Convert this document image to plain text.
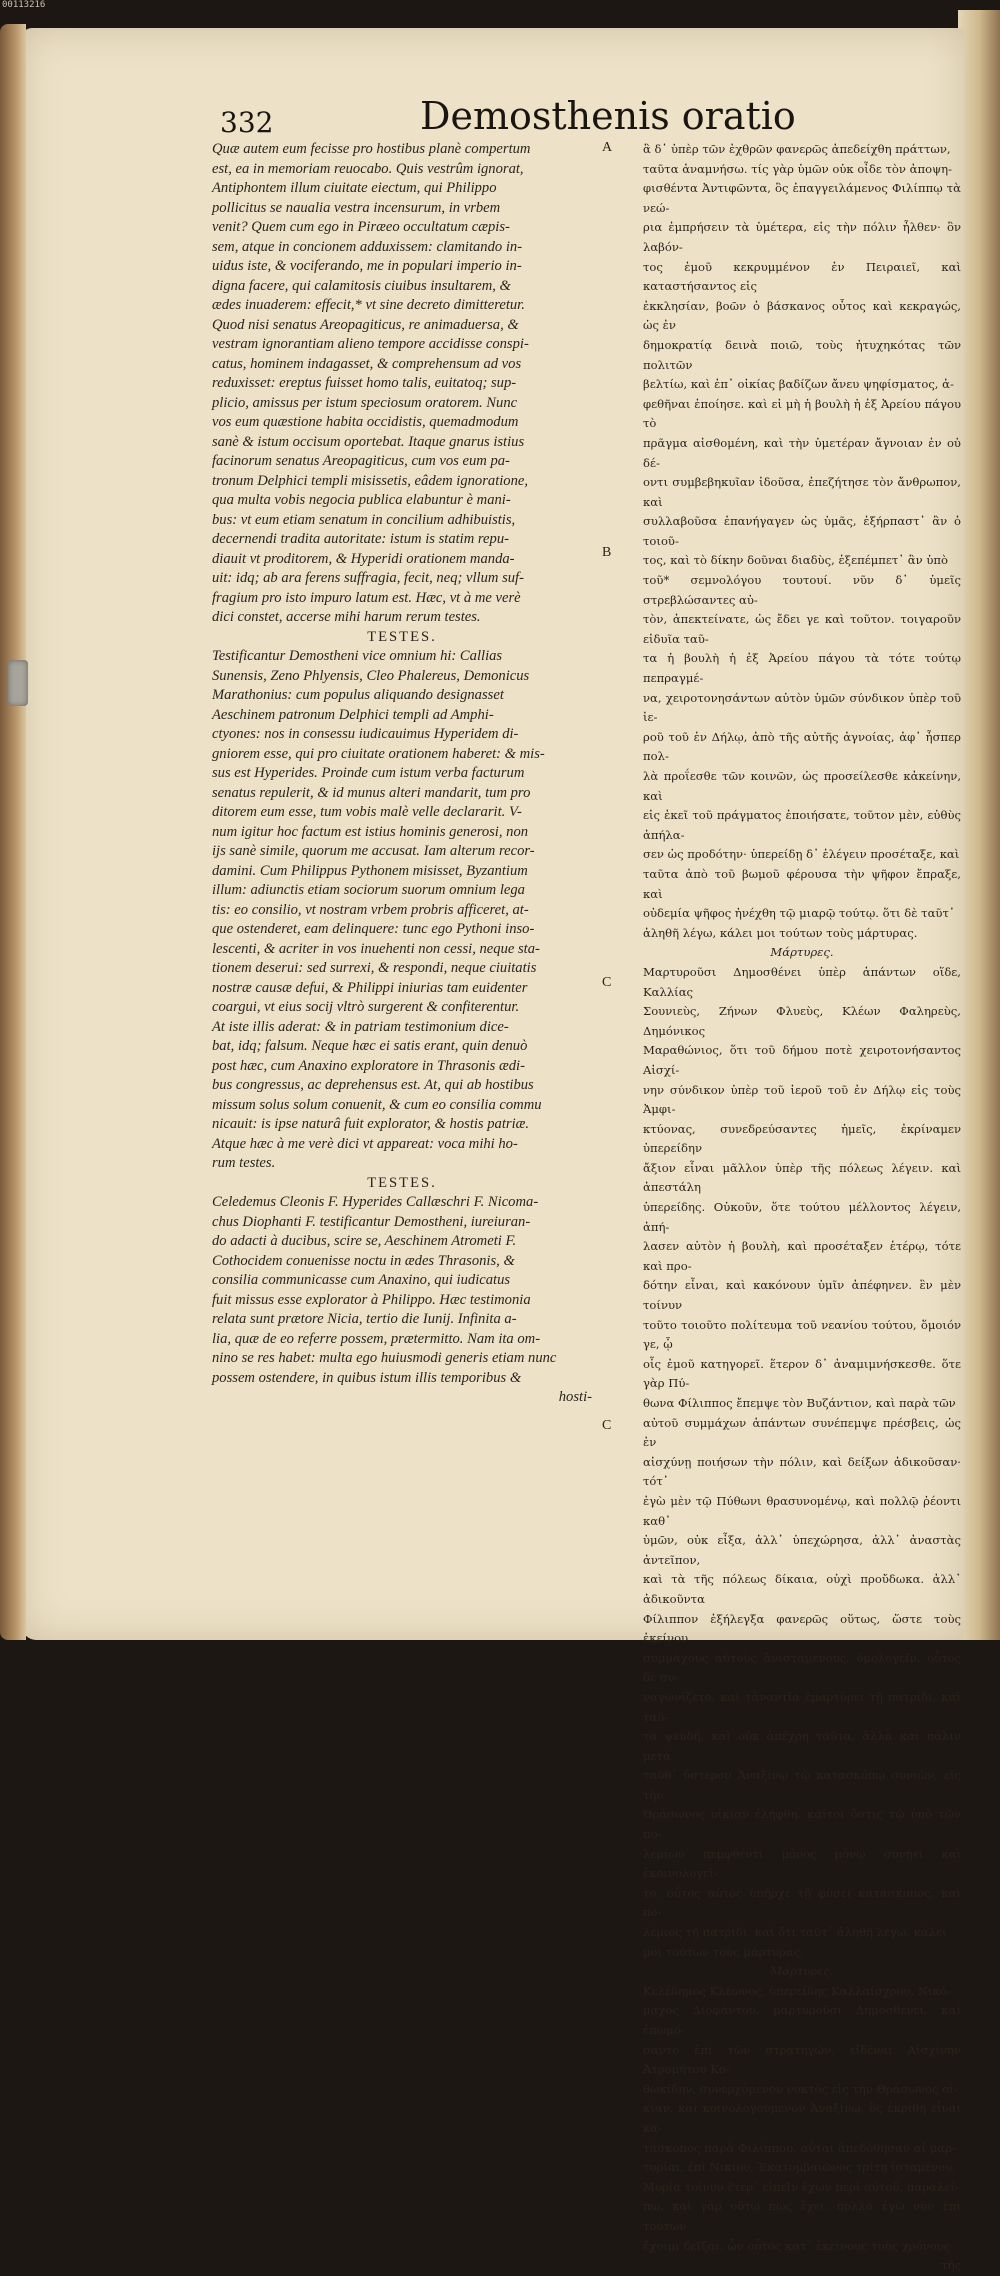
00113216
332	Demosthenis oratio
A
B
C
C

Quæ autem eum fecisse pro hostibus planè compertum

est, ea in memoriam reuocabo. Quis vestrûm ignorat,

Antiphontem illum ciuitate eiectum, qui Philippo

pollicitus se naualia vestra incensurum, in vrbem

venit? Quem cum ego in Piræeo occultatum cæpis-

sem, atque in concionem adduxissem: clamitando in-

uidus iste, & vociferando, me in populari imperio in-

digna facere, qui calamitosis ciuibus insultarem, &

ædes inuaderem: effecit,* vt sine decreto dimitteretur.

Quod nisi senatus Areopagiticus, re animaduersa, &

vestram ignorantiam alieno tempore accidisse conspi-

catus, hominem indagasset, & comprehensum ad vos

reduxisset: ereptus fuisset homo talis, euitatoq; sup-

plicio, amissus per istum speciosum oratorem. Nunc

vos eum quæstione habita occidistis, quemadmodum

sanè & istum occisum oportebat. Itaque gnarus istius

facinorum senatus Areopagiticus, cum vos eum pa-

tronum Delphici templi misissetis, eâdem ignoratione,

qua multa vobis negocia publica elabuntur è mani-

bus: vt eum etiam senatum in concilium adhibuistis,

decernendi tradita autoritate: istum is statim repu-

diauit vt proditorem, & Hyperidi orationem manda-

uit: idq; ab ara ferens suffragia, fecit, neq; vllum suf-

fragium pro isto impuro latum est. Hæc, vt à me verè

dici constet, accerse mihi harum rerum testes.

TESTES.

Testificantur Demostheni vice omnium hi: Callias

Sunensis, Zeno Phlyensis, Cleo Phalereus, Demonicus

Marathonius: cum populus aliquando designasset

Aeschinem patronum Delphici templi ad Amphi-

ctyones: nos in consessu iudicauimus Hyperidem di-

gniorem esse, qui pro ciuitate orationem haberet: & mis-

sus est Hyperides. Proinde cum istum verba facturum

senatus repulerit, & id munus alteri mandarit, tum pro

ditorem eum esse, tum vobis malè velle declararit. V-

num igitur hoc factum est istius hominis generosi, non

ijs sanè simile, quorum me accusat. Iam alterum recor-

damini. Cum Philippus Pythonem misisset, Byzantium

illum: adiunctis etiam sociorum suorum omnium lega

tis: eo consilio, vt nostram vrbem probris afficeret, at-

que ostenderet, eam delinquere: tunc ego Pythoni inso-

lescenti, & acriter in vos inuehenti non cessi, neque sta-

tionem deserui: sed surrexi, & respondi, neque ciuitatis

nostræ causæ defui, & Philippi iniurias tam euidenter

coargui, vt eius socij vltrò surgerent & confiterentur.

At iste illis aderat: & in patriam testimonium dice-

bat, idq; falsum. Neque hæc ei satis erant, quin denuò

post hæc, cum Anaxino exploratore in Thrasonis ædi-

bus congressus, ac deprehensus est. At, qui ab hostibus

missum solus solum conuenit, & cum eo consilia commu

nicauit: is ipse naturâ fuit explorator, & hostis patriæ.

Atque hæc à me verè dici vt appareat: voca mihi ho-

rum testes.

TESTES.

Celedemus Cleonis F. Hyperides Callæschri F. Nicoma-

chus Diophanti F. testificantur Demostheni, iureiuran-

do adacti à ducibus, scire se, Aeschinem Atrometi F.

Cothocidem conuenisse noctu in ædes Thrasonis, &

consilia communicasse cum Anaxino, qui iudicatus

fuit missus esse explorator à Philippo. Hæc testimonia

relata sunt prætore Nicia, tertio die Iunij. Infinita a-

lia, quæ de eo referre possem, prætermitto. Nam ita om-

nino se res habet: multa ego huiusmodi generis etiam nunc

possem ostendere, in quibus istum illis temporibus &

hosti-

ἃ δ᾽ ὑπὲρ τῶν ἐχθρῶν φανερῶς ἀπεδείχθη πράττων,

ταῦτα ἀναμνήσω. τίς γὰρ ὑμῶν οὐκ οἶδε τὸν ἀποψη-

φισθέντα Ἀντιφῶντα, ὃς ἐπαγγειλάμενος Φιλίππῳ τὰ νεώ-

ρια ἐμπρήσειν τὰ ὑμέτερα, εἰς τὴν πόλιν ἦλθεν· ὃν λαβόν-

τος ἐμοῦ κεκρυμμένον ἐν Πειραιεῖ, καὶ καταστήσαντος εἰς

ἐκκλησίαν, βοῶν ὁ βάσκανος οὗτος καὶ κεκραγώς, ὡς ἐν

δημοκρατίᾳ δεινὰ ποιῶ, τοὺς ἠτυχηκότας τῶν πολιτῶν

βελτίω, καὶ ἐπ᾽ οἰκίας βαδίζων ἄνευ ψηφίσματος, ἀ-

φεθῆναι ἐποίησε. καὶ εἰ μὴ ἡ βουλὴ ἡ ἐξ Ἀρείου πάγου τὸ

πρᾶγμα αἰσθομένη, καὶ τὴν ὑμετέραν ἄγνοιαν ἐν οὐ δέ-

οντι συμβεβηκυῖαν ἰδοῦσα, ἐπεζήτησε τὸν ἄνθρωπον, καὶ

συλλαβοῦσα ἐπανήγαγεν ὡς ὑμᾶς, ἐξήρπαστ᾽ ἂν ὁ τοιοῦ-

τος, καὶ τὸ δίκην δοῦναι διαδὺς, ἐξεπέμπετ᾽ ἂν ὑπὸ

τοῦ* σεμνολόγου τουτουί. νῦν δ᾽ ὑμεῖς στρεβλώσαντες αὐ-

τὸν, ἀπεκτείνατε, ὡς ἔδει γε καὶ τοῦτον. τοιγαροῦν εἰδυῖα ταῦ-

τα ἡ βουλὴ ἡ ἐξ Ἀρείου πάγου τὰ τότε τούτῳ πεπραγμέ-

να, χειροτονησάντων αὐτὸν ὑμῶν σύνδικον ὑπὲρ τοῦ ἱε-

ροῦ τοῦ ἐν Δήλῳ, ἀπὸ τῆς αὐτῆς ἀγνοίας, ἀφ᾽ ἧσπερ πολ-

λὰ προΐεσθε τῶν κοινῶν, ὡς προσείλεσθε κἀκείνην, καὶ

εἰς ἐκεῖ τοῦ πράγματος ἐποιήσατε, τοῦτον μὲν, εὐθὺς ἀπήλα-

σεν ὡς προδότην· ὑπερείδῃ δ᾽ ἐλέγειν προσέταξε, καὶ

ταῦτα ἀπὸ τοῦ βωμοῦ φέρουσα τὴν ψῆφον ἔπραξε, καὶ

οὐδεμία ψῆφος ἠνέχθη τῷ μιαρῷ τούτῳ. ὅτι δὲ ταῦτ᾽

ἀληθῆ λέγω, κάλει μοι τούτων τοὺς μάρτυρας.

Μάρτυρες.

Μαρτυροῦσι Δημοσθένει ὑπὲρ ἁπάντων οἵδε, Καλλίας

Σουνιεὺς, Ζήνων Φλυεὺς, Κλέων Φαληρεὺς, Δημόνικος

Μαραθώνιος, ὅτι τοῦ δήμου ποτὲ χειροτονήσαντος Αἰσχί-

νην σύνδικον ὑπὲρ τοῦ ἱεροῦ τοῦ ἐν Δήλῳ εἰς τοὺς Ἀμφι-

κτύονας, συνεδρεύσαντες ἡμεῖς, ἐκρίναμεν ὑπερείδην

ἄξιον εἶναι μᾶλλον ὑπὲρ τῆς πόλεως λέγειν. καὶ ἀπεστάλη

ὑπερείδης. Οὐκοῦν, ὅτε τούτου μέλλοντος λέγειν, ἀπή-

λασεν αὐτὸν ἡ βουλὴ, καὶ προσέταξεν ἑτέρῳ, τότε καὶ προ-

δότην εἶναι, καὶ κακόνουν ὑμῖν ἀπέφηνεν. ἓν μὲν τοίνυν

τοῦτο τοιοῦτο πολίτευμα τοῦ νεανίου τούτου, ὅμοιόν γε, ᾧ

οἷς ἐμοῦ κατηγορεῖ. ἕτερον δ᾽ ἀναμιμνήσκεσθε. ὅτε γὰρ Πύ-

θωνα Φίλιππος ἔπεμψε τὸν Βυζάντιον, καὶ παρὰ τῶν

αὐτοῦ συμμάχων ἁπάντων συνέπεμψε πρέσβεις, ὡς ἐν

αἰσχύνῃ ποιήσων τὴν πόλιν, καὶ δείξων ἀδικοῦσαν· τότ᾽

ἐγὼ μὲν τῷ Πύθωνι θρασυνομένῳ, καὶ πολλῷ ῥέοντι καθ᾽

ὑμῶν, οὐκ εἶξα, ἀλλ᾽ ὑπεχώρησα, ἀλλ᾽ ἀναστὰς ἀντεῖπον,

καὶ τὰ τῆς πόλεως δίκαια, οὐχὶ προὔδωκα. ἀλλ᾽ ἀδικοῦντα

Φίλιππον ἐξήλεγξα φανερῶς οὕτως, ὥστε τοὺς ἐκείνου

συμμάχους αὐτοὺς ἀνισταμένους, ὁμολογεῖν. οὗτος δὲ συ-

ναγωνίζετο, καὶ τἀναντία ἐμαρτύρει τῇ πατρίδι, καὶ ταῦ-

τα ψευδῆ. καὶ οὐκ ἀπέχρη ταῦτα. ἀλλὰ καὶ πάλιν μετὰ

ταῦθ᾽ ὕστερον Ἀναξίνῳ τῷ κατασκόπῳ συνιὼν, εἰς τὴν

Θράσωνος οἰκίαν ἐλήφθη. καίτοι ὅστις τῷ ὑπὸ τῶν πο-

λεμίων πεμφθέντι μόνος μόνῳ συνῄει καὶ ἐκοινολογεῖ-

το. οὗτος αὐτὸς ὑπῆρχε τῇ φύσει κατάσκοπος, καὶ πο-

λέμιος τῇ πατρίδι. καὶ ὅτι ταῦτ᾽ ἀληθῆ λέγω, κάλει

μοι τούτων τοὺς μάρτυρας.

Μάρτυρες.

Κελέδημος Κλέωνος, ὑπερείδης Καλλαίσχρου, Νικό-

μαχος Διοφάντου, μαρτυροῦσι Δημοσθένει. καὶ ἐπωμό-

σαντο ἐπὶ τῶν στρατηγῶν, εἰδέναι Αἰσχίνην Ἀτρομήτου Κο-

θωκίδην, συνερχόμενον νυκτὸς εἰς τὴν Θράσωνος οἰ-

κίαν, καὶ κοινολογούμενον Ἀναξίνῳ, ὃς ἐκρίθη εἶναι κα-

τάσκοπος παρὰ Φιλίππου. αὗται ἀπεδόθησαν αἱ μαρ-

τυρίαι, ἐπὶ Νικίου, Ἑκατομβαιῶνος τρίτῃ ἱσταμένου.

Μυρία τοίνυν ἕτερ᾽ εἰπεῖν ἔχων περὶ αὐτοῦ, παραλεί-

πω. καὶ γὰρ οὕτω πως ἔχει. πολλὰ ἐγὼ νῦν ἐπὶ τούτων

ἔχοιμι δεῖξαι, ὧν οὗτος κατ᾽ ἐκείνους τοὺς χρόνους

τῆς
